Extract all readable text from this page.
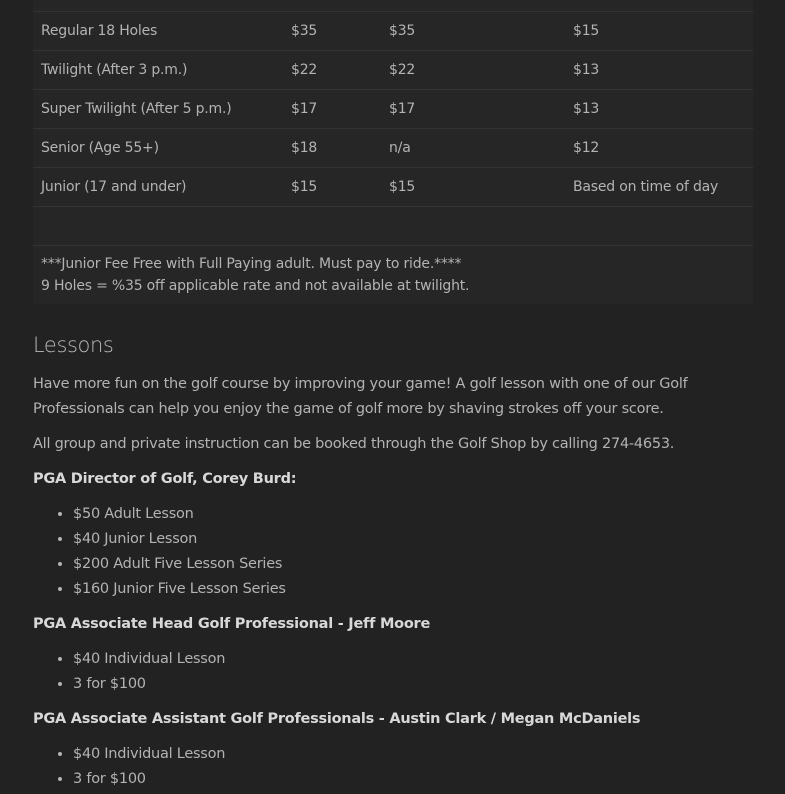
Regular 18 Holes	$35	$35	$15
Twilight (After 3 p.m.)	$22	$22	$13
Super Twilight (After 5 p.m.)	$17	$17	$13
Senior (Age 55+)	$18	n/a	$12
Junior (17 and under)	$15	$15	Based on time of day

***Junior Fee Free with Full Paying adult. Must pay to ride.****
9 Holes = %35 off applicable rate and not available at twilight.			
Lessons

Have more fun on the golf course by improving your game! A golf lesson with one of our Golf Professionals can help you enjoy the game of golf more by shaving strokes off your score.

All group and private instruction can be booked through the Golf Shop by calling 274-4653.

PGA Director of Golf, Corey Burd:

• $50 Adult Lesson
• $40 Junior Lesson
• $200 Adult Five Lesson Series
• $160 Junior Five Lesson Series

PGA Associate Head Golf Professional - Jeff Moore

• $40 Individual Lesson
• 3 for $100

PGA Associate Assistant Golf Professionals - Austin Clark / Megan McDaniels

• $40 Individual Lesson
• 3 for $100
